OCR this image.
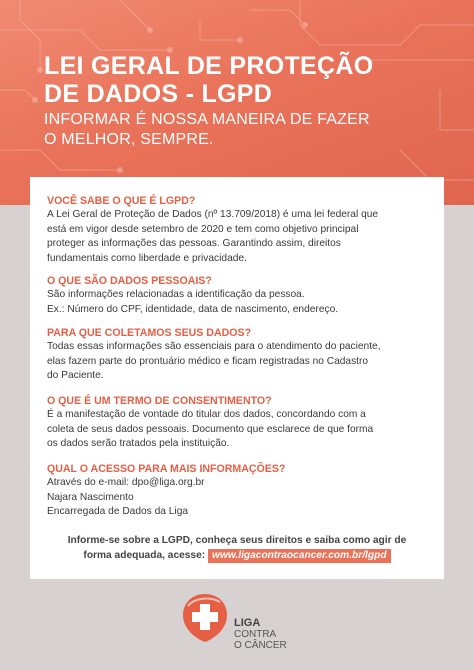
LEI GERAL DE PROTEÇÃO
DE DADOS - LGPD

INFORMAR É NOSSA MANEIRA DE FAZER
O MELHOR, SEMPRE.

VOCÊ SABE O QUE É LGPD?

A Lei Geral de Proteção de Dados (nº 13.709/2018) é uma lei federal que
está em vigor desde setembro de 2020 e tem como objetivo principal
proteger as informações das pessoas. Garantindo assim, direitos
fundamentais como liberdade e privacidade.

O QUE SÃO DADOS PESSOAIS?

São informações relacionadas a identificação da pessoa.
Ex.: Número do CPF, identidade, data de nascimento, endereço.

PARA QUE COLETAMOS SEUS DADOS?

Todas essas informações são essenciais para o atendimento do paciente,
elas fazem parte do prontuário médico e ficam registradas no Cadastro
do Paciente.

O QUE É UM TERMO DE CONSENTIMENTO?

É a manifestação de vontade do titular dos dados, concordando com a
coleta de seus dados pessoais. Documento que esclarece de que forma
os dados serão tratados pela instituição.

QUAL O ACESSO PARA MAIS INFORMAÇÕES?

Através do e-mail: dpo@liga.org.br
Najara Nascimento
Encarregada de Dados da Liga

Informe-se sobre a LGPD, conheça seus direitos e saiba como agir de
forma adequada, acesse: www.ligacontraocancer.com.br/lgpd
LIGA
CONTRA
O CÂNCER
